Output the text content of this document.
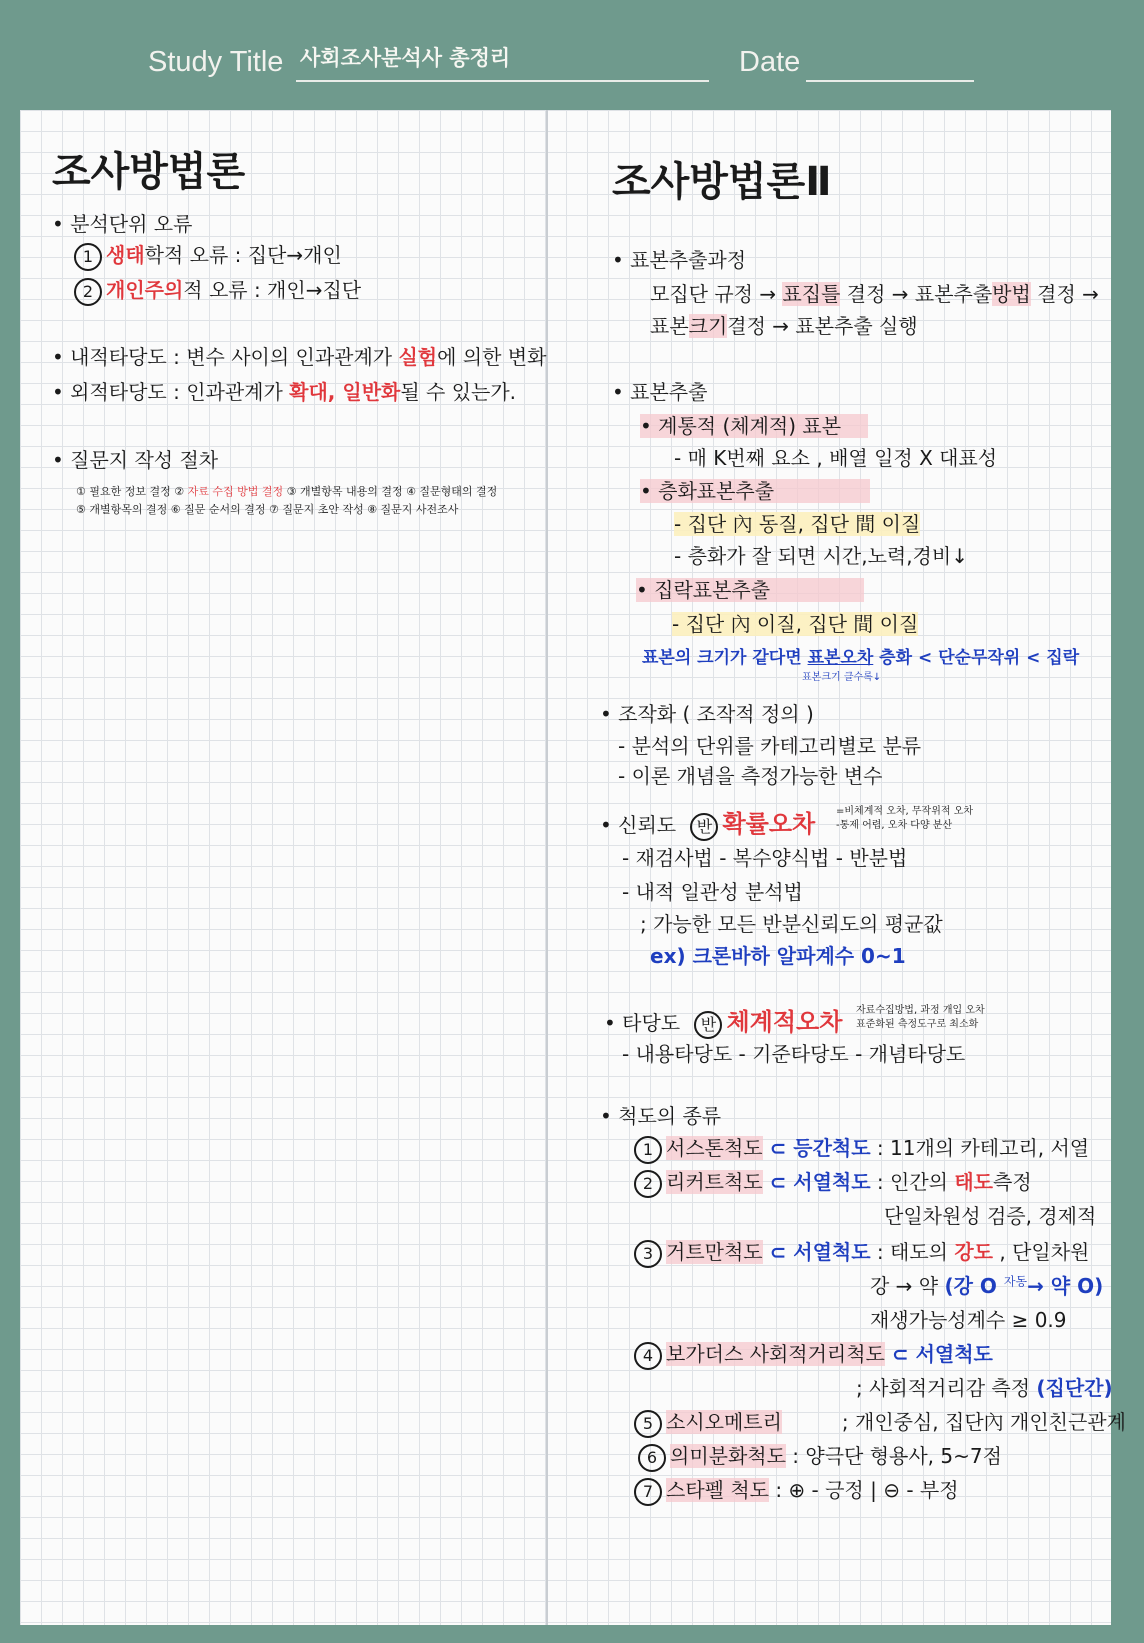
Study Title 사회조사분석사 총정리	Date
조사방법론
• 분석단위 오류
1 생태학적 오류 : 집단→개인
2 개인주의적 오류 : 개인→집단
• 내적타당도 : 변수 사이의 인과관계가 실험에 의한 변화
• 외적타당도 : 인과관계가 확대, 일반화될 수 있는가.
• 질문지 작성 절차
① 필요한 정보 결정 ② 자료 수집 방법 결정 ③ 개별항목 내용의 결정 ④ 질문형태의 결정
⑤ 개별항목의 결정 ⑥ 질문 순서의 결정 ⑦ 질문지 초안 작성 ⑧ 질문지 사전조사
조사방법론Ⅱ
• 표본추출과정
모집단 규정 → 표집틀 결정 → 표본추출방법 결정 →
표본크기결정 → 표본추출 실행
• 표본추출
• 계통적 (체계적) 표본
- 매 K번째 요소 , 배열 일정 X 대표성
• 층화표본추출
- 집단 內 동질, 집단 間 이질
- 층화가 잘 되면 시간,노력,경비↓
• 집락표본추출
- 집단 內 이질, 집단 間 이질
표본의 크기가 같다면 표본오차 층화 < 단순무작위 < 집락
표본크기 클수록↓
• 조작화 ( 조작적 정의 )
- 분석의 단위를 카테고리별로 분류
- 이론 개념을 측정가능한 변수
• 신뢰도 반 확률오차 =비체계적 오차, 무작위적 오차
-통제 어렵, 오차 다양 분산
- 재검사법 - 복수양식법 - 반분법
- 내적 일관성 분석법
; 가능한 모든 반분신뢰도의 평균값
ex) 크론바하 알파계수 0~1
• 타당도 반 체계적오차 자료수집방법, 과정 개입 오차
표준화된 측정도구로 최소화
- 내용타당도 - 기준타당도 - 개념타당도
• 척도의 종류
1 서스톤척도 ⊂ 등간척도 : 11개의 카테고리, 서열
2 리커트척도 ⊂ 서열척도 : 인간의 태도측정
단일차원성 검증, 경제적
3 거트만척도 ⊂ 서열척도 : 태도의 강도 , 단일차원
강 → 약 (강 O $^{자동}$→ 약 O)
재생가능성계수 ≥ 0.9
4 보가더스 사회적거리척도 ⊂ 서열척도
; 사회적거리감 측정 (집단간)
5 소시오메트리	; 개인중심, 집단內 개인친근관계
6 의미분화척도 : 양극단 형용사, 5~7점
7 스타펠 척도 : ⊕ - 긍정 | ⊖ - 부정
